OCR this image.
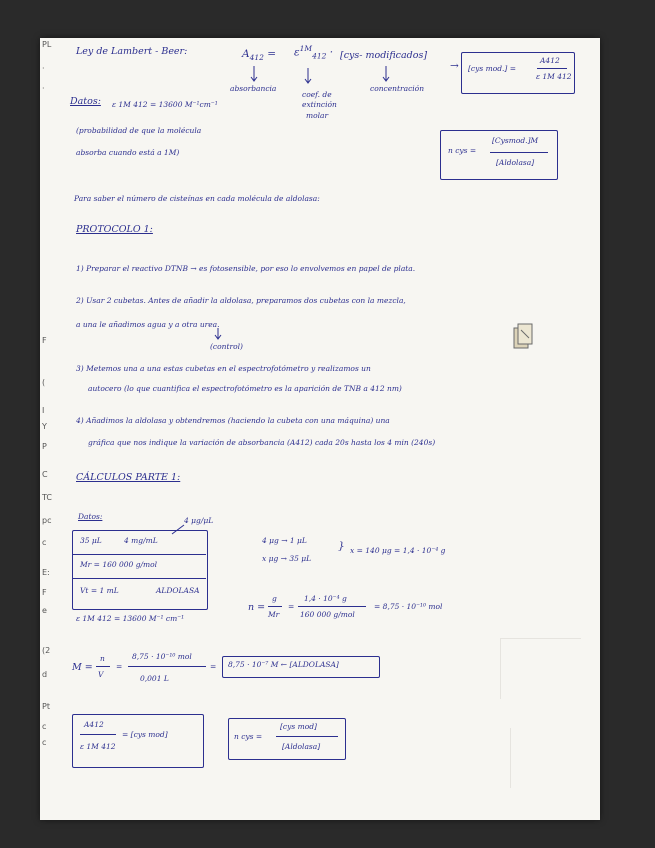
PL
·
·
F
(
I
Y
P
C
TC
pc
c
E:
F
e
(2
d
Pt
c
c
Ley de Lambert - Beer:	$A_{412} = \varepsilon^{1M}_{412} \cdot [cys-$ modificados]
→ [cys mod.] =
A412
ε 1M 412
absorbancia
coef. de
extinción
molar
concentración
Datos: ε 1M 412 = 13600 M⁻¹cm⁻¹
(probabilidad de que la molécula
absorba cuando está a 1M)	n cys =
[Cysmod.]M
[Aldolasa]
Para saber el número de cisteínas en cada molécula de aldolasa:
PROTOCOLO 1:
1) Preparar el reactivo DTNB → es fotosensible, por eso lo envolvemos en papel de plata.
2) Usar 2 cubetas. Antes de añadir la aldolasa, preparamos dos cubetas con la mezcla,
a una le añadimos agua y a otra urea.
(control)
3) Metemos una a una estas cubetas en el espectrofotómetro y realizamos un
autocero (lo que cuantifica el espectrofotómetro es la aparición de TNB a 412 nm)
4) Añadimos la aldolasa y obtendremos (haciendo la cubeta con una máquina) una
gráfica que nos indique la variación de absorbancia (A412) cada 20s hasta los 4 min (240s)
CÁLCULOS PARTE 1:
Datos:	4 μg/μL
35 μL	4 mg/mL
Mr = 160 000 g/mol
Vt = 1 mL	ALDOLASA
ε 1M 412 = 13600 M⁻¹ cm⁻¹
4 μg → 1 μL
x μg → 35 μL
} x = 140 μg = 1,4 · 10⁻⁴ g
n =
g
Mr
=
1,4 · 10⁻⁴ g
160 000 g/mol
= 8,75 · 10⁻¹⁰ mol
M =
n
V
=
8,75 · 10⁻¹⁰ mol
0,001 L
= 8,75 · 10⁻⁷ M ← [ALDOLASA]
A412
ε 1M 412
= [cys mod]	n cys =
[cys mod]
[Aldolasa]
